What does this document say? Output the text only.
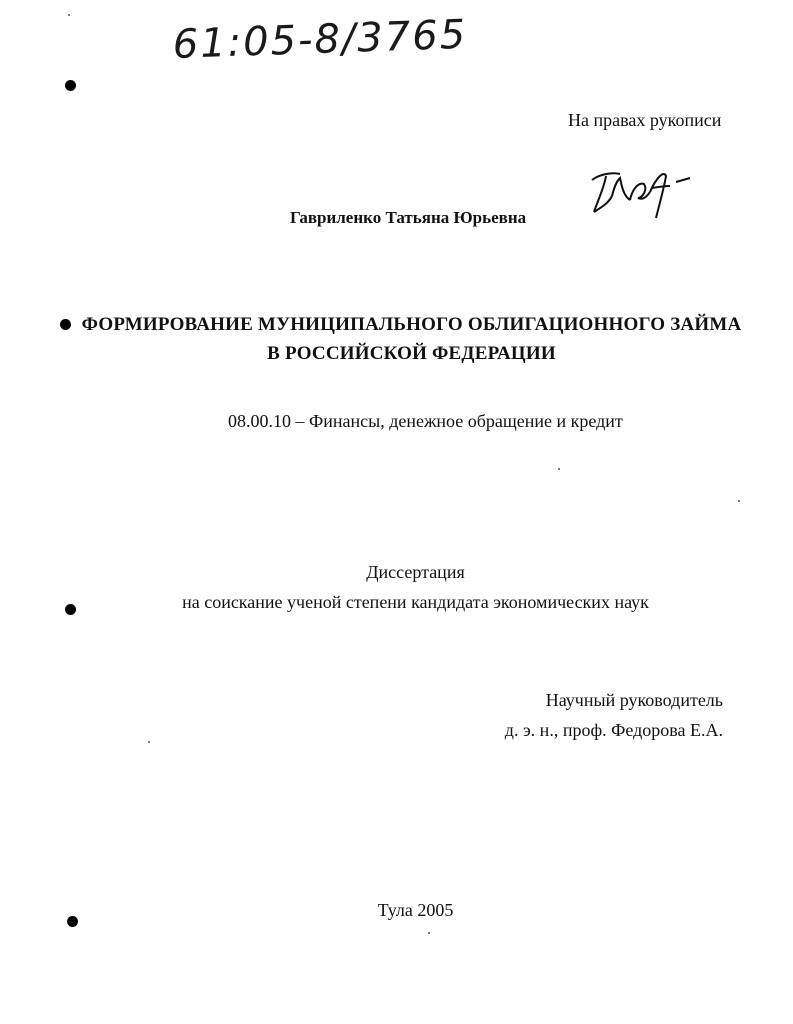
61:05-8/3765
На правах рукописи
Гавриленко Татьяна Юрьевна
ФОРМИРОВАНИЕ МУНИЦИПАЛЬНОГО ОБЛИГАЦИОННОГО ЗАЙМА
В РОССИЙСКОЙ ФЕДЕРАЦИИ
08.00.10 – Финансы, денежное обращение и кредит
Диссертация
на соискание ученой степени кандидата экономических наук
Научный руководитель
д. э. н., проф. Федорова Е.А.
Тула 2005
